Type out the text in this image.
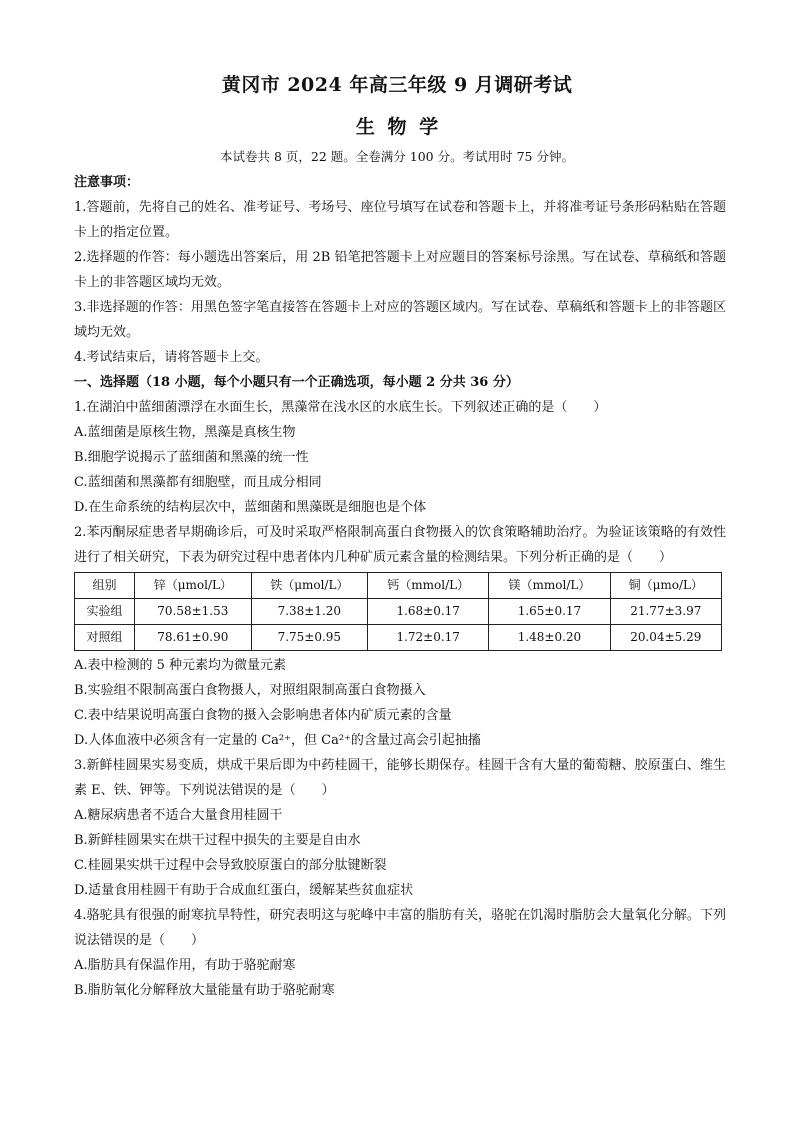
黄冈市 2024 年高三年级 9 月调研考试
生 物 学
本试卷共 8 页，22 题。全卷满分 100 分。考试用时 75 分钟。

注意事项：

1.答题前，先将自己的姓名、准考证号、考场号、座位号填写在试卷和答题卡上，并将准考证号条形码粘贴在答题卡上的指定位置。

2.选择题的作答：每小题选出答案后，用 2B 铅笔把答题卡上对应题目的答案标号涂黑。写在试卷、草稿纸和答题卡上的非答题区域均无效。

3.非选择题的作答：用黑色签字笔直接答在答题卡上对应的答题区域内。写在试卷、草稿纸和答题卡上的非答题区域均无效。

4.考试结束后，请将答题卡上交。

一、选择题（18 小题，每个小题只有一个正确选项，每小题 2 分共 36 分）

1.在湖泊中蓝细菌漂浮在水面生长，黑藻常在浅水区的水底生长。下列叙述正确的是（　　）

A.蓝细菌是原核生物，黑藻是真核生物

B.细胞学说揭示了蓝细菌和黑藻的统一性

C.蓝细菌和黑藻都有细胞壁，而且成分相同

D.在生命系统的结构层次中，蓝细菌和黑藻既是细胞也是个体

2.苯丙酮尿症患者早期确诊后，可及时采取严格限制高蛋白食物摄入的饮食策略辅助治疗。为验证该策略的有效性进行了相关研究，下表为研究过程中患者体内几种矿质元素含量的检测结果。下列分析正确的是（　　）

组别	锌（μmol/L）	铁（μmol/L）	钙（mmol/L）	镁（mmol/L）	铜（μmo/L）
实验组	70.58±1.53	7.38±1.20	1.68±0.17	1.65±0.17	21.77±3.97
对照组	78.61±0.90	7.75±0.95	1.72±0.17	1.48±0.20	20.04±5.29

A.表中检测的 5 种元素均为微量元素

B.实验组不限制高蛋白食物摄人，对照组限制高蛋白食物摄入

C.表中结果说明高蛋白食物的摄入会影响患者体内矿质元素的含量

D.人体血液中必须含有一定量的 Ca²⁺，但 Ca²⁺的含量过高会引起抽搐

3.新鲜桂圆果实易变质，烘成干果后即为中药桂圆干，能够长期保存。桂圆干含有大量的葡萄糖、胶原蛋白、维生素 E、铁、钾等。下列说法错误的是（　　）

A.糖尿病患者不适合大量食用桂圆干

B.新鲜桂圆果实在烘干过程中损失的主要是自由水

C.桂圆果实烘干过程中会导致胶原蛋白的部分肽键断裂

D.适量食用桂圆干有助于合成血红蛋白，缓解某些贫血症状

4.骆驼具有很强的耐寒抗旱特性，研究表明这与驼峰中丰富的脂肪有关，骆驼在饥渴时脂肪会大量氧化分解。下列说法错误的是（　　）

A.脂肪具有保温作用，有助于骆驼耐寒

B.脂肪氧化分解释放大量能量有助于骆驼耐寒
